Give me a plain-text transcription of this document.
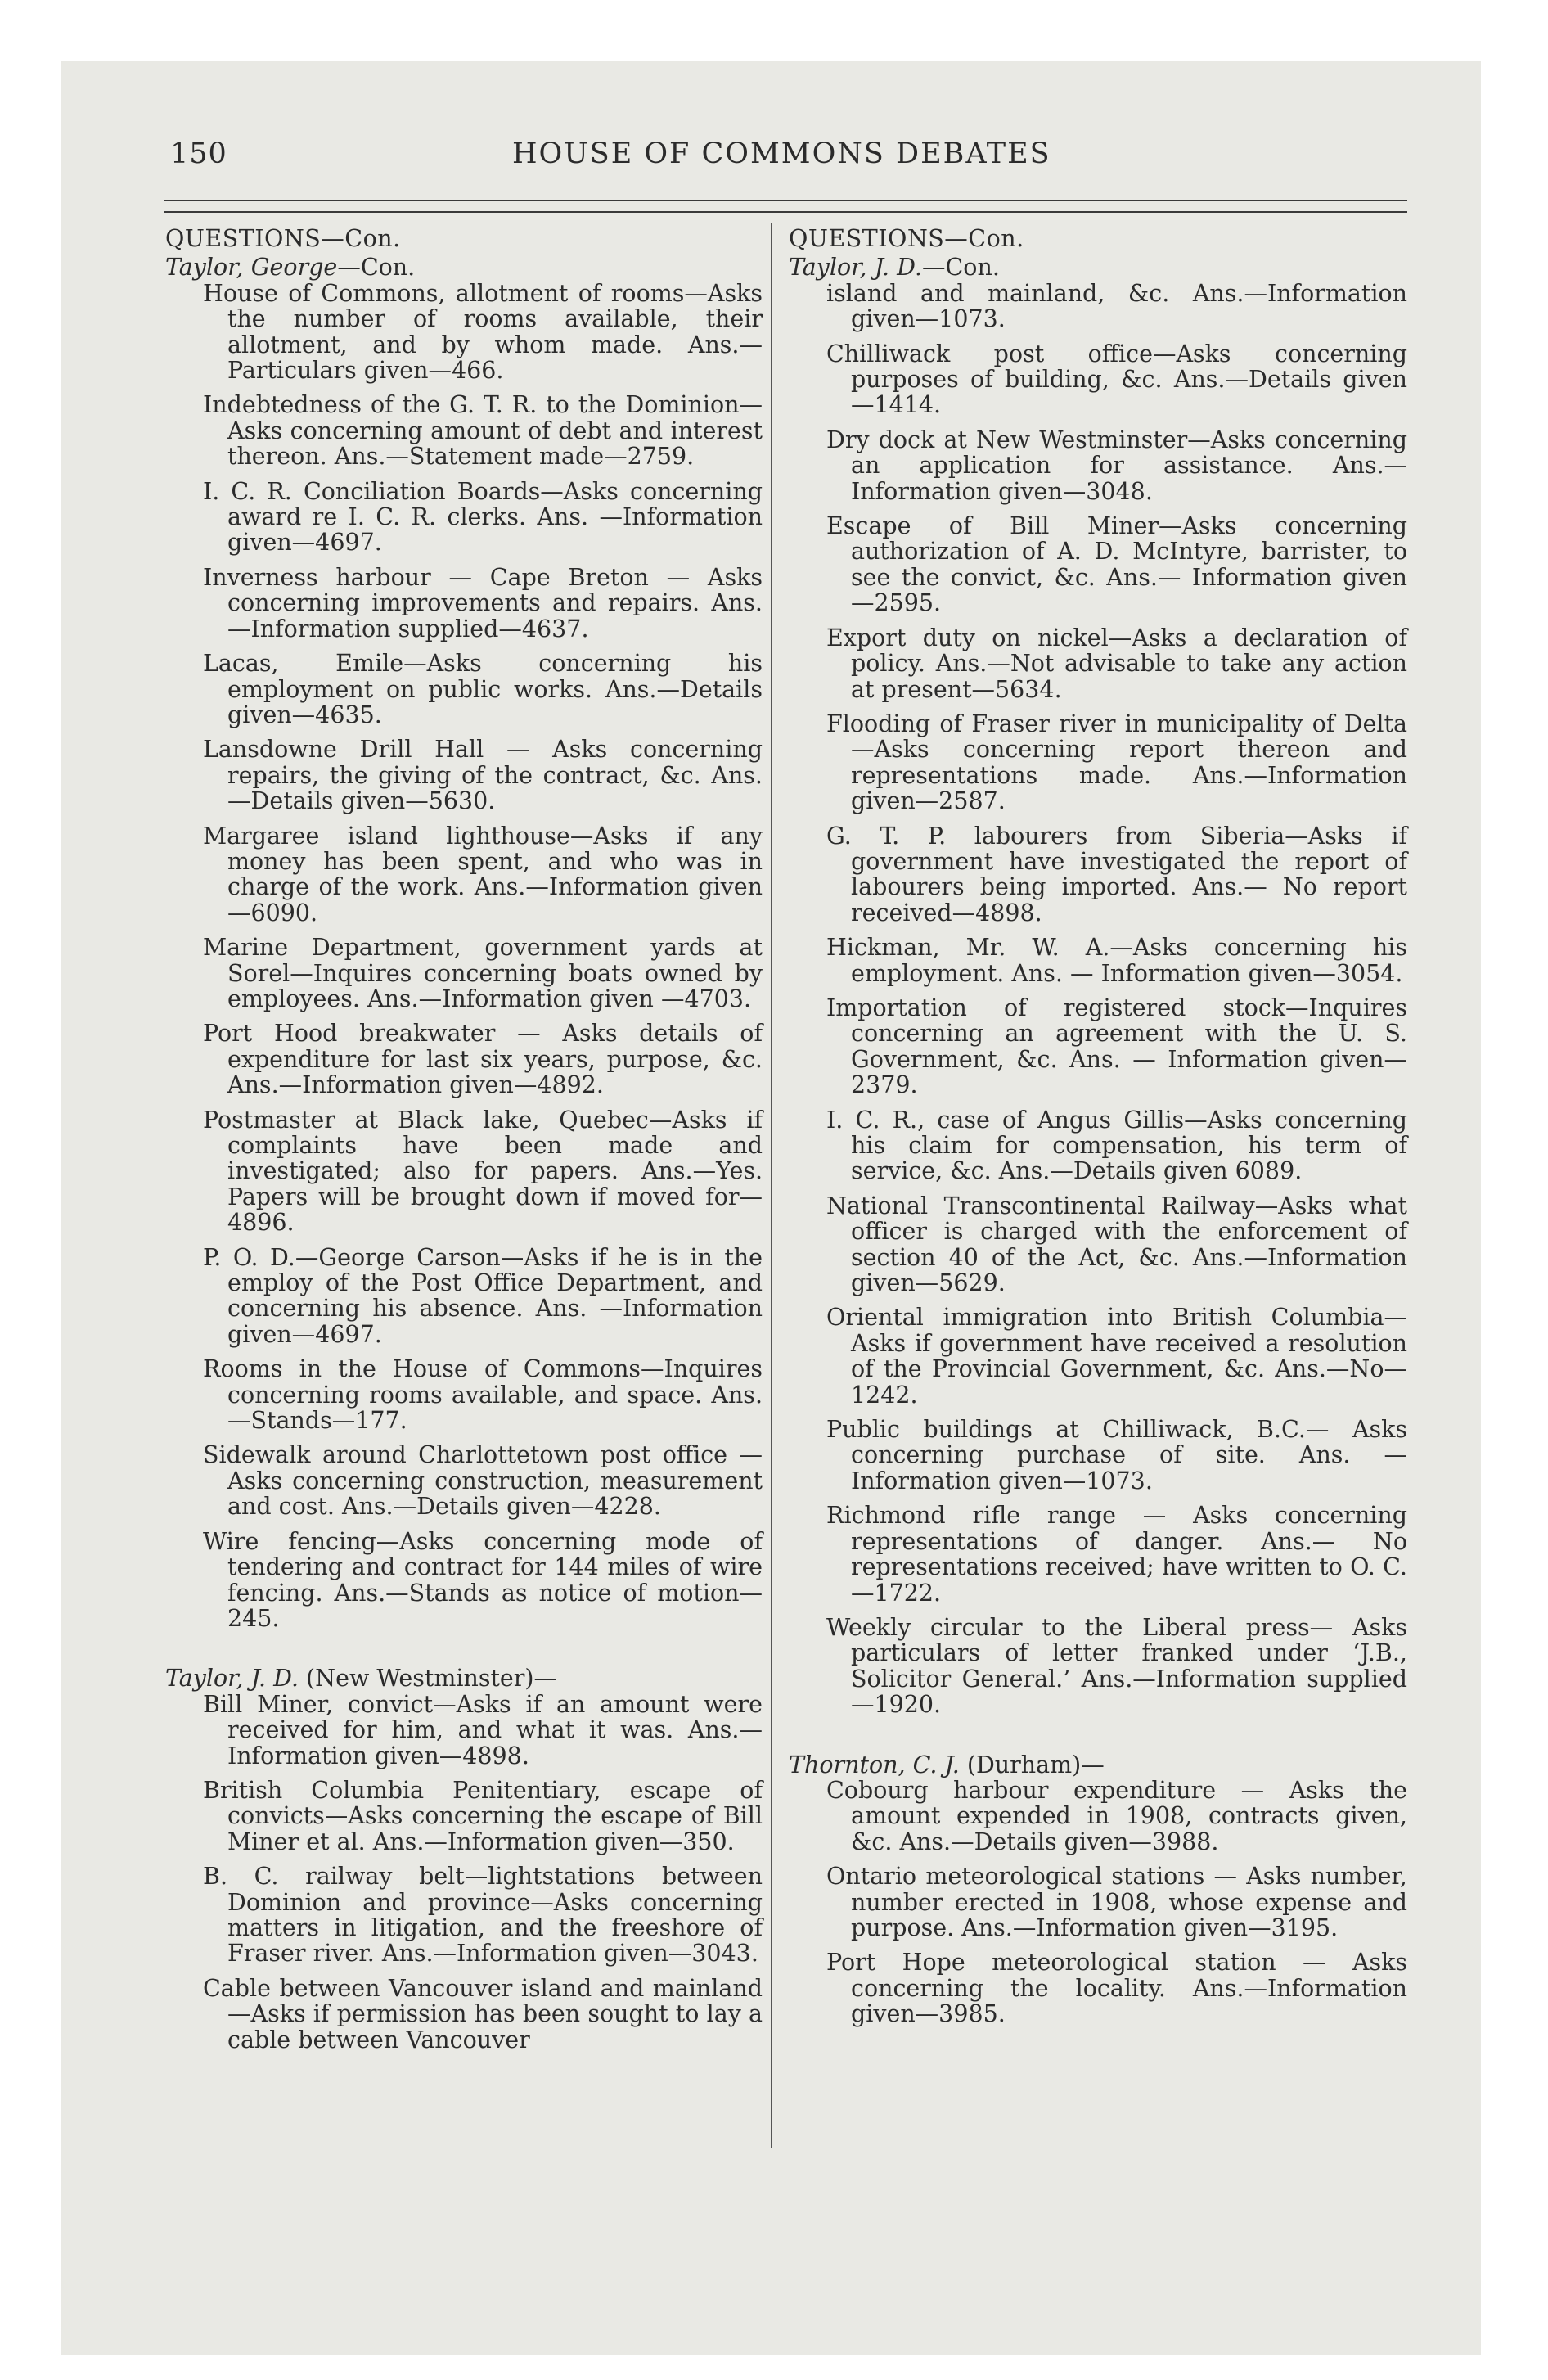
150	HOUSE OF COMMONS DEBATES
QUESTIONS—Con.
Taylor, George—Con.
House of Commons, allotment of rooms—Asks the number of rooms available, their allotment, and by whom made. Ans.—Particulars given—466.
Indebtedness of the G. T. R. to the Dominion—Asks concerning amount of debt and interest thereon. Ans.—Statement made—2759.
I. C. R. Conciliation Boards—Asks concerning award re I. C. R. clerks. Ans. —Information given—4697.
Inverness harbour — Cape Breton — Asks concerning improvements and repairs. Ans.—Information supplied—4637.
Lacas, Emile—Asks concerning his employment on public works. Ans.—Details given—4635.
Lansdowne Drill Hall — Asks concerning repairs, the giving of the contract, &c. Ans.—Details given—5630.
Margaree island lighthouse—Asks if any money has been spent, and who was in charge of the work. Ans.—Information given—6090.
Marine Department, government yards at Sorel—Inquires concerning boats owned by employees. Ans.—Information given —4703.
Port Hood breakwater — Asks details of expenditure for last six years, purpose, &c. Ans.—Information given—4892.
Postmaster at Black lake, Quebec—Asks if complaints have been made and investigated; also for papers. Ans.—Yes. Papers will be brought down if moved for—4896.
P. O. D.—George Carson—Asks if he is in the employ of the Post Office Department, and concerning his absence. Ans. —Information given—4697.
Rooms in the House of Commons—Inquires concerning rooms available, and space. Ans.—Stands—177.
Sidewalk around Charlottetown post office —Asks concerning construction, measurement and cost. Ans.—Details given—4228.
Wire fencing—Asks concerning mode of tendering and contract for 144 miles of wire fencing. Ans.—Stands as notice of motion—245.
Taylor, J. D. (New Westminster)—
Bill Miner, convict—Asks if an amount were received for him, and what it was. Ans.—Information given—4898.
British Columbia Penitentiary, escape of convicts—Asks concerning the escape of Bill Miner et al. Ans.—Information given—350.
B. C. railway belt—lightstations between Dominion and province—Asks concerning matters in litigation, and the freeshore of Fraser river. Ans.—Information given—3043.
Cable between Vancouver island and mainland—Asks if permission has been sought to lay a cable between Vancouver
QUESTIONS—Con.
Taylor, J. D.—Con.
island and mainland, &c. Ans.—Information given—1073.
Chilliwack post office—Asks concerning purposes of building, &c. Ans.—Details given—1414.
Dry dock at New Westminster—Asks concerning an application for assistance. Ans.—Information given—3048.
Escape of Bill Miner—Asks concerning authorization of A. D. McIntyre, barrister, to see the convict, &c. Ans.— Information given—2595.
Export duty on nickel—Asks a declaration of policy. Ans.—Not advisable to take any action at present—5634.
Flooding of Fraser river in municipality of Delta—Asks concerning report thereon and representations made. Ans.—Information given—2587.
G. T. P. labourers from Siberia—Asks if government have investigated the report of labourers being imported. Ans.— No report received—4898.
Hickman, Mr. W. A.—Asks concerning his employment. Ans. — Information given—3054.
Importation of registered stock—Inquires concerning an agreement with the U. S. Government, &c. Ans. — Information given—2379.
I. C. R., case of Angus Gillis—Asks concerning his claim for compensation, his term of service, &c. Ans.—Details given 6089.
National Transcontinental Railway—Asks what officer is charged with the enforcement of section 40 of the Act, &c. Ans.—Information given—5629.
Oriental immigration into British Columbia—Asks if government have received a resolution of the Provincial Government, &c. Ans.—No—1242.
Public buildings at Chilliwack, B.C.— Asks concerning purchase of site. Ans. —Information given—1073.
Richmond rifle range — Asks concerning representations of danger. Ans.— No representations received; have written to O. C.—1722.
Weekly circular to the Liberal press— Asks particulars of letter franked under ‘J.B., Solicitor General.’ Ans.—Information supplied—1920.
Thornton, C. J. (Durham)—
Cobourg harbour expenditure — Asks the amount expended in 1908, contracts given, &c. Ans.—Details given—3988.
Ontario meteorological stations — Asks number, number erected in 1908, whose expense and purpose. Ans.—Information given—3195.
Port Hope meteorological station — Asks concerning the locality. Ans.—Information given—3985.
